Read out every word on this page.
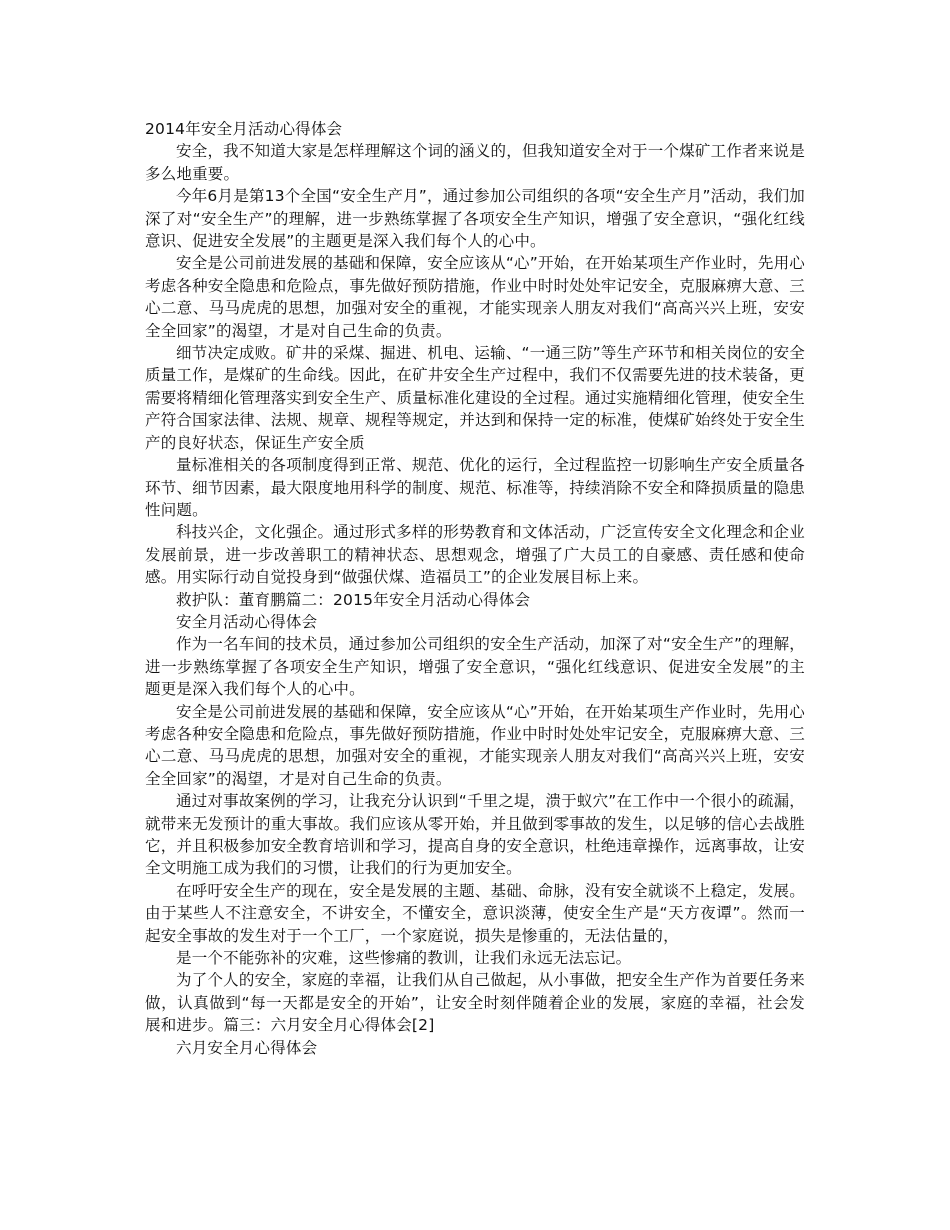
2014年安全月活动心得体会

安全，我不知道大家是怎样理解这个词的涵义的，但我知道安全对于一个煤矿工作者来说是多么地重要。

今年6月是第13个全国“安全生产月”，通过参加公司组织的各项“安全生产月”活动，我们加深了对“安全生产”的理解，进一步熟练掌握了各项安全生产知识，增强了安全意识，“强化红线意识、促进安全发展”的主题更是深入我们每个人的心中。

安全是公司前进发展的基础和保障，安全应该从“心”开始，在开始某项生产作业时，先用心考虑各种安全隐患和危险点，事先做好预防措施，作业中时时处处牢记安全，克服麻痹大意、三心二意、马马虎虎的思想，加强对安全的重视，才能实现亲人朋友对我们“高高兴兴上班，安安全全回家”的渴望，才是对自己生命的负责。

细节决定成败。矿井的采煤、掘进、机电、运输、“一通三防”等生产环节和相关岗位的安全质量工作，是煤矿的生命线。因此，在矿井安全生产过程中，我们不仅需要先进的技术装备，更需要将精细化管理落实到安全生产、质量标准化建设的全过程。通过实施精细化管理，使安全生产符合国家法律、法规、规章、规程等规定，并达到和保持一定的标准，使煤矿始终处于安全生产的良好状态，保证生产安全质

量标准相关的各项制度得到正常、规范、优化的运行，全过程监控一切影响生产安全质量各环节、细节因素，最大限度地用科学的制度、规范、标准等，持续消除不安全和降损质量的隐患性问题。

科技兴企，文化强企。通过形式多样的形势教育和文体活动，广泛宣传安全文化理念和企业发展前景，进一步改善职工的精神状态、思想观念，增强了广大员工的自豪感、责任感和使命感。用实际行动自觉投身到“做强伏煤、造福员工”的企业发展目标上来。

救护队：董育鹏篇二：2015年安全月活动心得体会

安全月活动心得体会

作为一名车间的技术员，通过参加公司组织的安全生产活动，加深了对“安全生产”的理解，进一步熟练掌握了各项安全生产知识，增强了安全意识，“强化红线意识、促进安全发展”的主题更是深入我们每个人的心中。

安全是公司前进发展的基础和保障，安全应该从“心”开始，在开始某项生产作业时，先用心考虑各种安全隐患和危险点，事先做好预防措施，作业中时时处处牢记安全，克服麻痹大意、三心二意、马马虎虎的思想，加强对安全的重视，才能实现亲人朋友对我们“高高兴兴上班，安安全全回家”的渴望，才是对自己生命的负责。

通过对事故案例的学习，让我充分认识到“千里之堤，溃于蚁穴”在工作中一个很小的疏漏，就带来无发预计的重大事故。我们应该从零开始，并且做到零事故的发生，以足够的信心去战胜它，并且积极参加安全教育培训和学习，提高自身的安全意识，杜绝违章操作，远离事故，让安全文明施工成为我们的习惯，让我们的行为更加安全。

在呼吁安全生产的现在，安全是发展的主题、基础、命脉，没有安全就谈不上稳定，发展。由于某些人不注意安全，不讲安全，不懂安全，意识淡薄，使安全生产是“天方夜谭”。然而一起安全事故的发生对于一个工厂，一个家庭说，损失是惨重的，无法估量的，

是一个不能弥补的灾难，这些惨痛的教训，让我们永远无法忘记。

为了个人的安全，家庭的幸福，让我们从自己做起，从小事做，把安全生产作为首要任务来做，认真做到“每一天都是安全的开始”，让安全时刻伴随着企业的发展，家庭的幸福，社会发展和进步。篇三：六月安全月心得体会[2]

六月安全月心得体会
